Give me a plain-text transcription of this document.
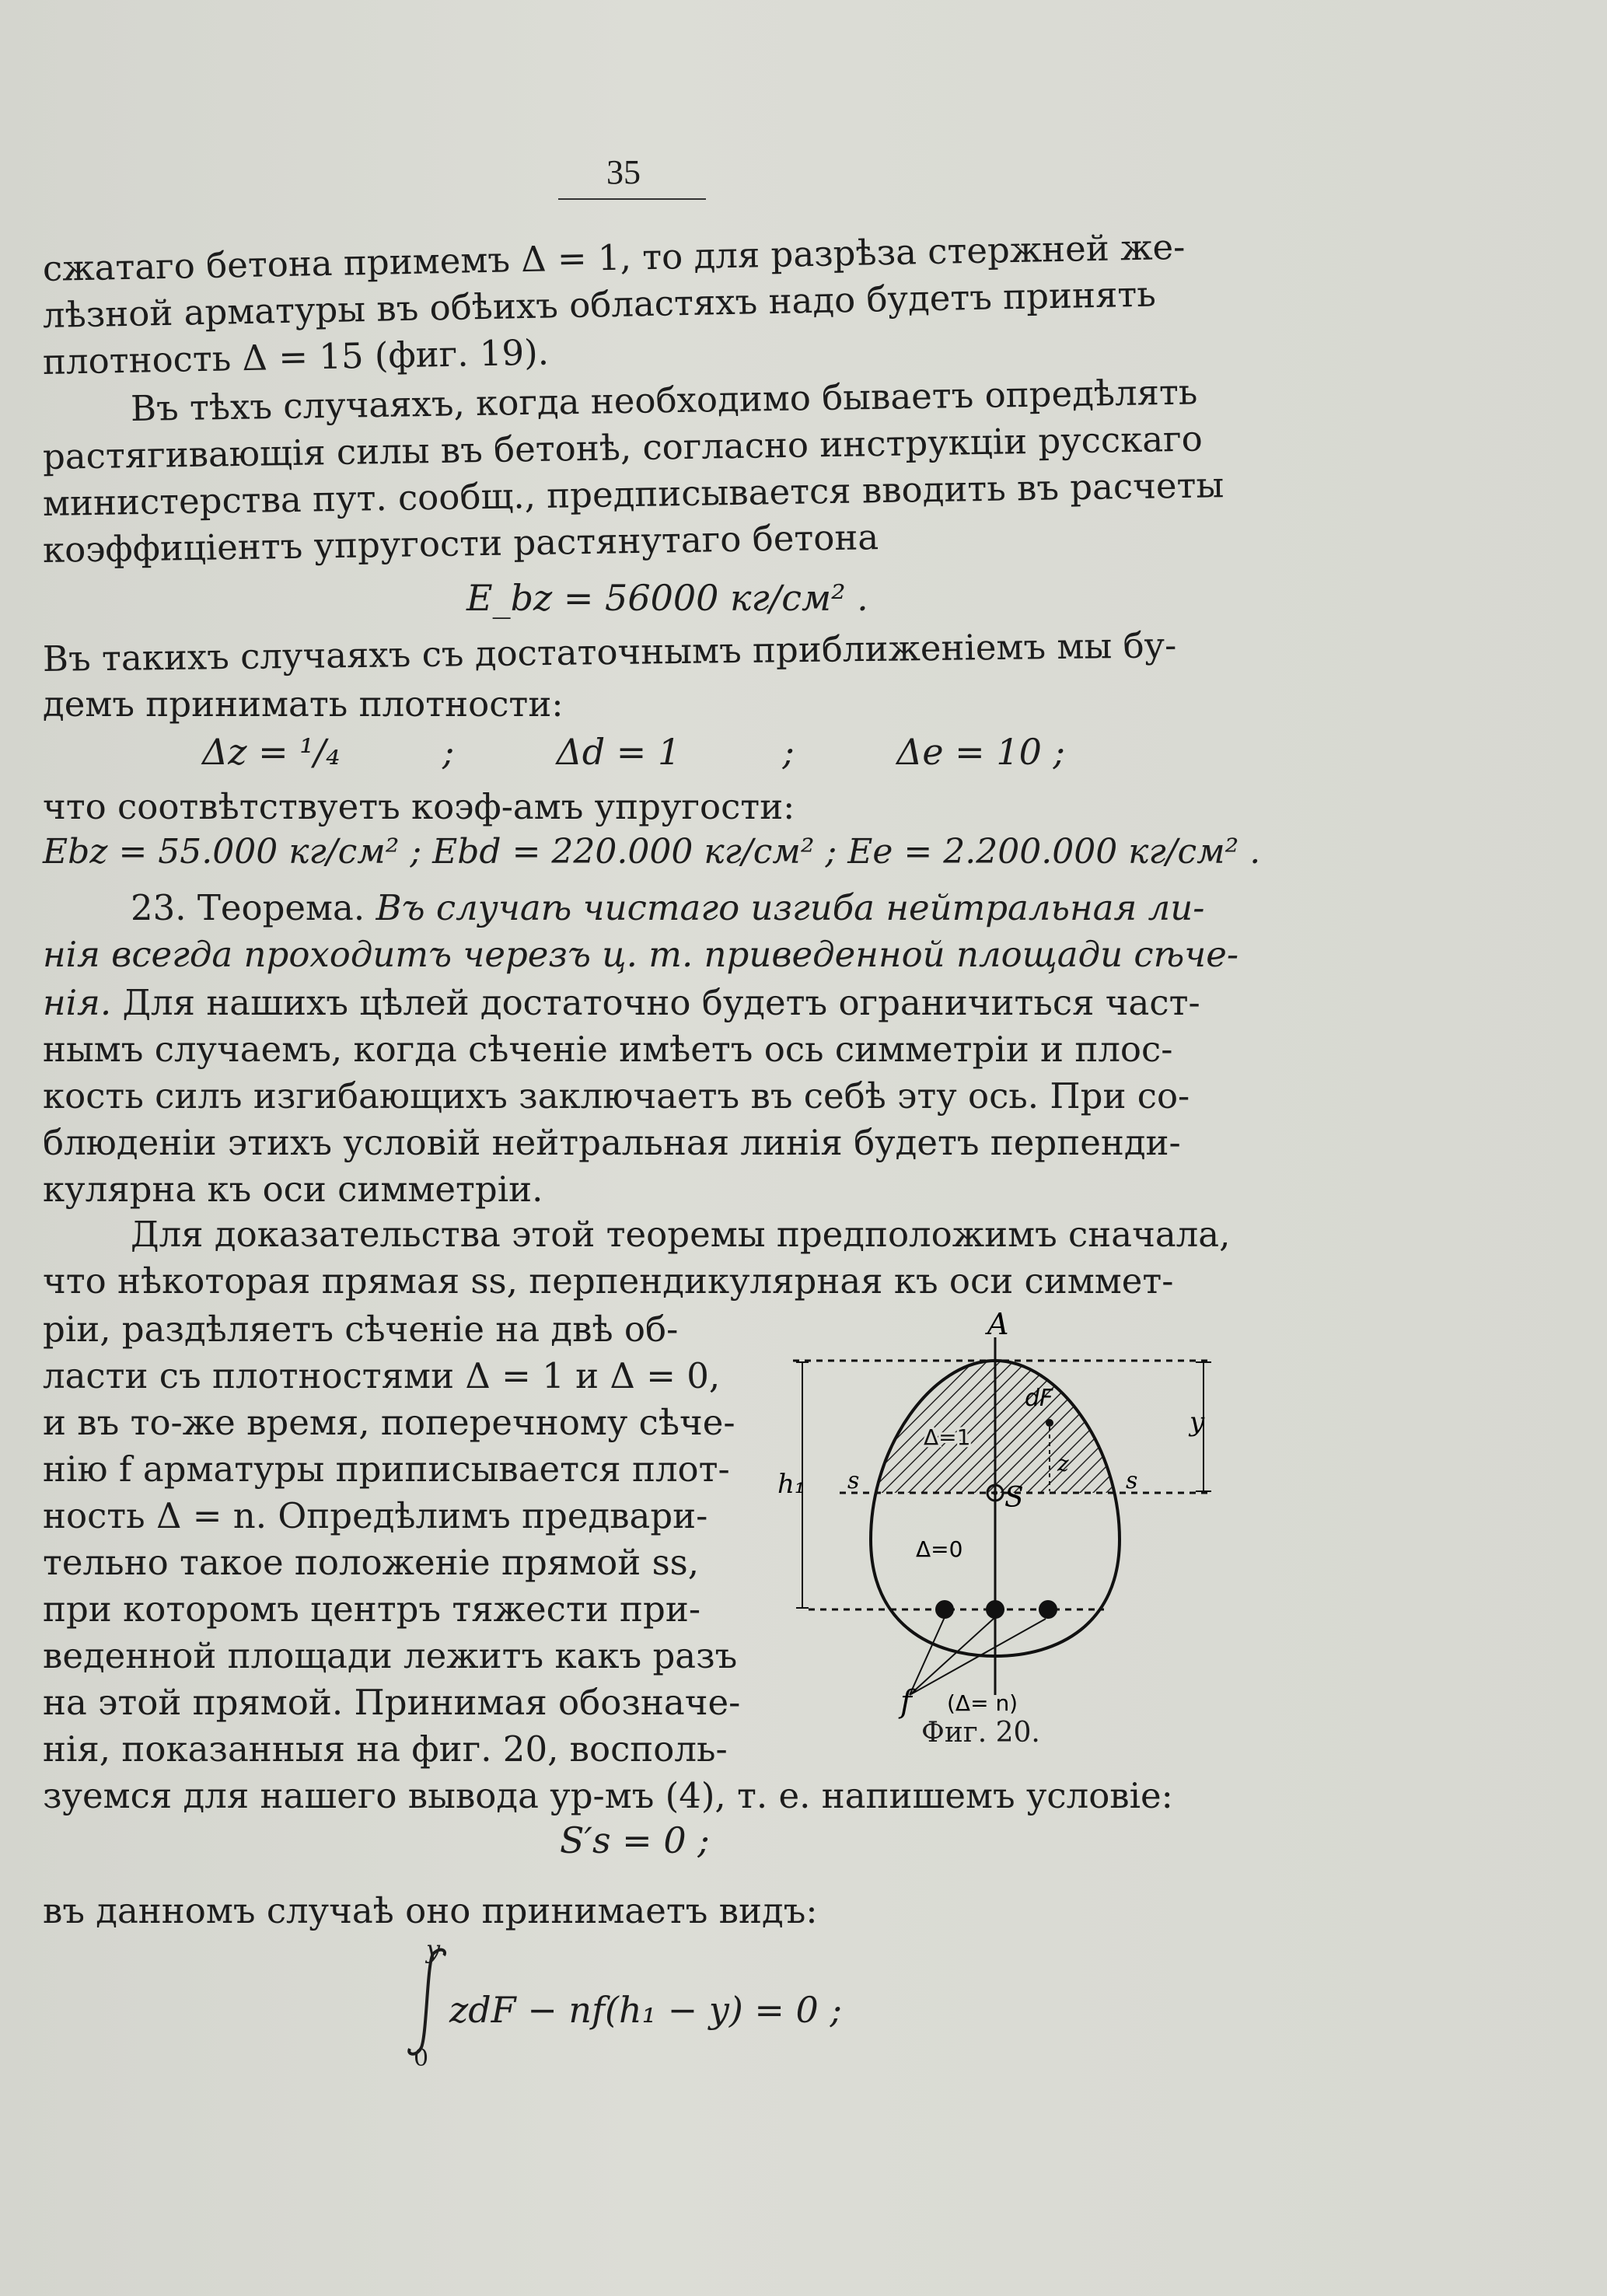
35
сжатаго бетона примемъ Δ = 1, то для разрѣза стержней же-
лѣзной арматуры въ обѣихъ областяхъ надо будетъ принять
плотность Δ = 15 (фиг. 19).
Въ тѣхъ случаяхъ, когда необходимо бываетъ опредѣлять
растягивающія силы въ бетонѣ, согласно инструкціи русскаго
министерства пут. сообщ., предписывается вводить въ расчеты
коэффиціентъ упругости растянутаго бетона
E_bz = 56000 кг/см² .
Въ такихъ случаяхъ съ достаточнымъ приближеніемъ мы бу-
демъ принимать плотности:
Δz = ¹/₄	;	Δd = 1	;	Δe = 10 ;
что соотвѣтствуетъ коэф-амъ упругости:
Ebz = 55.000 кг/см² ; Ebd = 220.000 кг/см² ; Ee = 2.200.000 кг/см² .
23. Теорема. Въ случаѣ чистаго изгиба нейтральная ли-
нія всегда проходитъ черезъ ц. т. приведенной площади сѣче-
нія. Для нашихъ цѣлей достаточно будетъ ограничиться част-
нымъ случаемъ, когда сѣченіе имѣетъ ось симметріи и плос-
кость силъ изгибающихъ заключаетъ въ себѣ эту ось. При со-
блюденіи этихъ условій нейтральная линія будетъ перпенди-
кулярна къ оси симметріи.
Для доказательства этой теоремы предположимъ сначала,
что нѣкоторая прямая ss, перпендикулярная къ оси симмет-
ріи, раздѣляетъ сѣченіе на двѣ об-
ласти съ плотностями Δ = 1 и Δ = 0,
и въ то-же время, поперечному сѣче-
нію f арматуры приписывается плот-
ность Δ = n. Опредѣлимъ предвари-
тельно такое положеніе прямой ss,
при которомъ центръ тяжести при-
веденной площади лежитъ какъ разъ
на этой прямой. Принимая обозначе-
нія, показанныя на фиг. 20, восполь-
зуемся для нашего вывода ур-мъ (4), т. е. напишемъ условіе:
S′s = 0 ;
въ данномъ случаѣ оно принимаетъ видъ:
y
0
zdF − nf(h₁ − y) = 0 ;
A
dF
z
y
h₁ s	s
S
Δ=1
Δ=0
f (Δ= n)
Фиг. 20.
